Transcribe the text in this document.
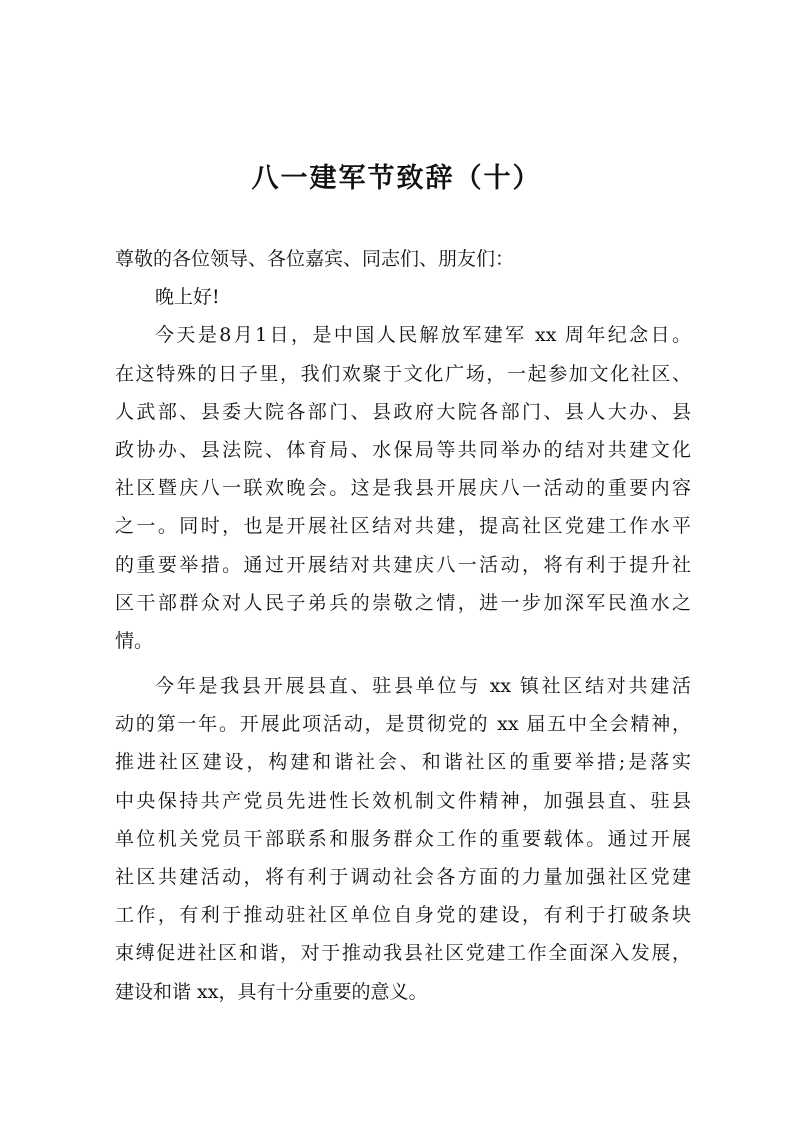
八一建军节致辞（十）
尊敬的各位领导、各位嘉宾、同志们、朋友们：
晚上好!
今天是8月1日，是中国人民解放军建军 xx 周年纪念日。
在这特殊的日子里，我们欢聚于文化广场，一起参加文化社区、
人武部、县委大院各部门、县政府大院各部门、县人大办、县
政协办、县法院、体育局、水保局等共同举办的结对共建文化
社区暨庆八一联欢晚会。这是我县开展庆八一活动的重要内容
之一。同时，也是开展社区结对共建，提高社区党建工作水平
的重要举措。通过开展结对共建庆八一活动，将有利于提升社
区干部群众对人民子弟兵的崇敬之情，进一步加深军民渔水之
情。
今年是我县开展县直、驻县单位与 xx 镇社区结对共建活
动的第一年。开展此项活动，是贯彻党的 xx 届五中全会精神，
推进社区建设，构建和谐社会、和谐社区的重要举措;是落实
中央保持共产党员先进性长效机制文件精神，加强县直、驻县
单位机关党员干部联系和服务群众工作的重要载体。通过开展
社区共建活动，将有利于调动社会各方面的力量加强社区党建
工作，有利于推动驻社区单位自身党的建设，有利于打破条块
束缚促进社区和谐，对于推动我县社区党建工作全面深入发展，
建设和谐 xx，具有十分重要的意义。
